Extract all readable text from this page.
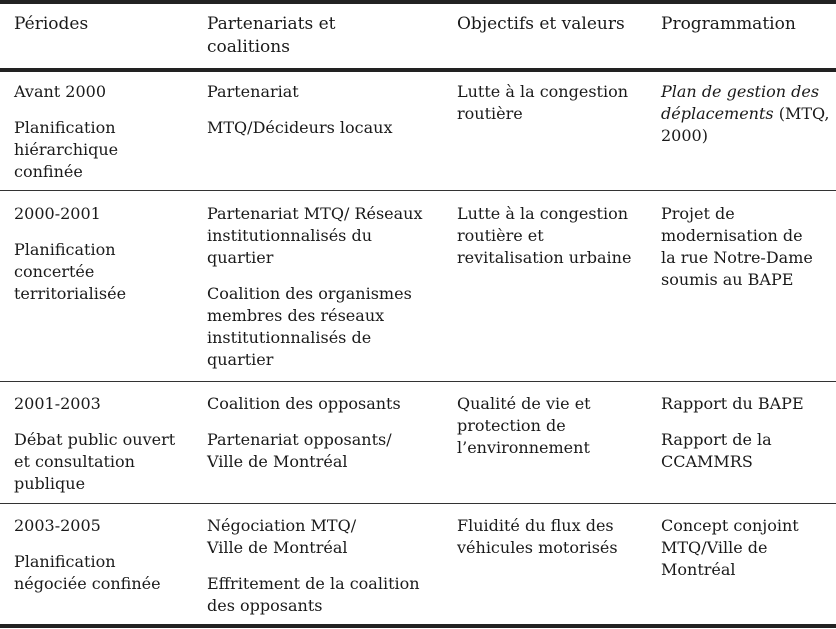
Périodes	Partenariats et coalitions
Objectifs et valeurs	Programmation

Avant 2000

Planification hiérarchique confinée

Partenariat

MTQ/Décideurs locaux

Lutte à la congestion routière
Plan de gestion des déplacements (MTQ, 2000)

2000-2001

Planification concertée territorialisée

Partenariat MTQ/ Réseaux institutionnalisés du quartier

Coalition des organismes membres des réseaux institutionnalisés de quartier

Lutte à la congestion routière et revitalisation urbaine

Projet de modernisation de la rue Notre-Dame soumis au BAPE

2001-2003

Débat public ouvert et consultation publique

Coalition des opposants

Partenariat opposants/ Ville de Montréal

Qualité de vie et protection de l’environnement

Rapport du BAPE

Rapport de la CCAMMRS

2003-2005

Planification négociée confinée

Négociation MTQ/ Ville de Montréal

Effritement de la coalition des opposants

Fluidité du flux des véhicules motorisés

Concept conjoint MTQ/Ville de Montréal
